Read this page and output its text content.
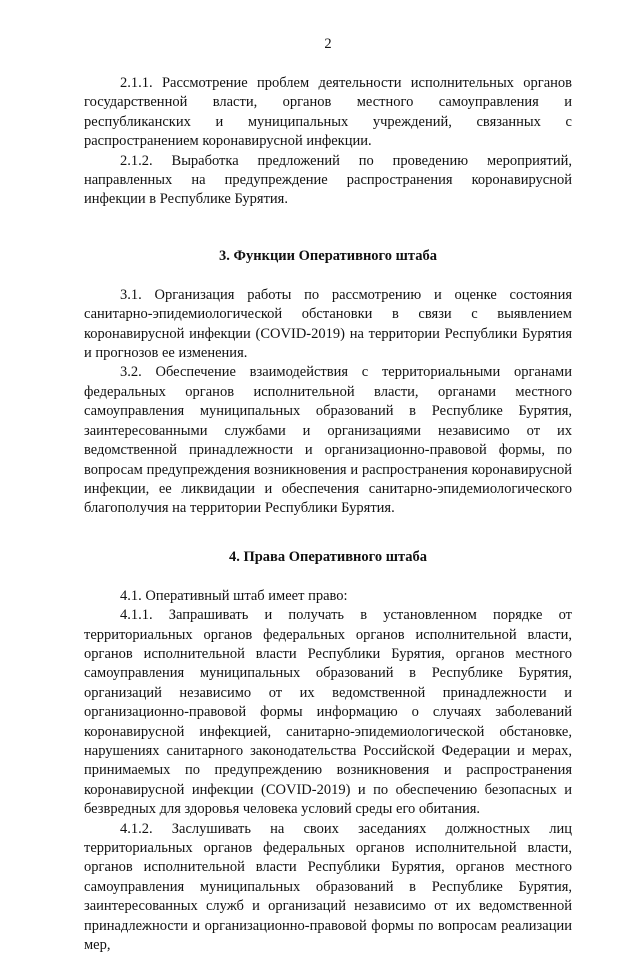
2

2.1.1. Рассмотрение проблем деятельности исполнительных органов государственной власти, органов местного самоуправления и республиканских и муниципальных учреждений, связанных с распространением коронавирусной инфекции.

2.1.2. Выработка предложений по проведению мероприятий, направленных на предупреждение распространения коронавирусной инфекции в Республике Бурятия.

3. Функции Оперативного штаба

3.1. Организация работы по рассмотрению и оценке состояния санитарно-эпидемиологической обстановки в связи с выявлением коронавирусной инфекции (COVID-2019) на территории Республики Бурятия и прогнозов ее изменения.

3.2. Обеспечение взаимодействия с территориальными органами федеральных органов исполнительной власти, органами местного самоуправления муниципальных образований в Республике Бурятия, заинтересованными службами и организациями независимо от их ведомственной принадлежности и организационно-правовой формы, по вопросам предупреждения возникновения и распространения коронавирусной инфекции, ее ликвидации и обеспечения санитарно-эпидемиологического благополучия на территории Республики Бурятия.

4. Права Оперативного штаба

4.1. Оперативный штаб имеет право:

4.1.1. Запрашивать и получать в установленном порядке от территориальных органов федеральных органов исполнительной власти, органов исполнительной власти Республики Бурятия, органов местного самоуправления муниципальных образований в Республике Бурятия, организаций независимо от их ведомственной принадлежности и организационно-правовой формы информацию о случаях заболеваний коронавирусной инфекцией, санитарно-эпидемиологической обстановке, нарушениях санитарного законодательства Российской Федерации и мерах, принимаемых по предупреждению возникновения и распространения коронавирусной инфекции (COVID-2019) и по обеспечению безопасных и безвредных для здоровья человека условий среды его обитания.

4.1.2. Заслушивать на своих заседаниях должностных лиц территориальных органов федеральных органов исполнительной власти, органов исполнительной власти Республики Бурятия, органов местного самоуправления муниципальных образований в Республике Бурятия, заинтересованных служб и организаций независимо от их ведомственной принадлежности и организационно-правовой формы по вопросам реализации мер,
